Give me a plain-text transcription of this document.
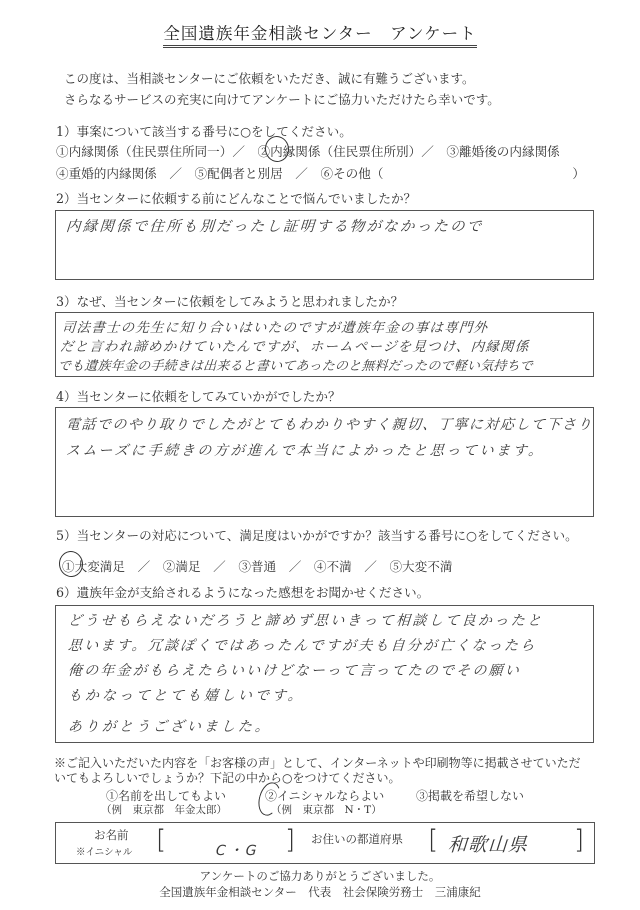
全国遺族年金相談センター　アンケート
この度は、当相談センターにご依頼をいただき、誠に有難うございます。
さらなるサービスの充実に向けてアンケートにご協力いただけたら幸いです。
1）事案について該当する番号に○をしてください。
①内縁関係（住民票住所同一）／　②内縁関係（住民票住所別）／　③離婚後の内縁関係
④重婚的内縁関係　／　⑤配偶者と別居　／　⑥その他（　　　　　　　　　　　　　　　）
2）当センターに依頼する前にどんなことで悩んでいましたか？
内縁関係で住所も別だったし証明する物がなかったので
3）なぜ、当センターに依頼をしてみようと思われましたか？
司法書士の先生に知り合いはいたのですが遺族年金の事は専門外
だと言われ諦めかけていたんですが、ホームページを見つけ、内縁関係
でも遺族年金の手続きは出来ると書いてあったのと無料だったので軽い気持ちで
4）当センターに依頼をしてみていかがでしたか？
電話でのやり取りでしたがとてもわかりやすく親切、丁寧に対応して下さり
スムーズに手続きの方が進んで本当によかったと思っています。
5）当センターの対応について、満足度はいかがですか？該当する番号に○をしてください。
①大変満足　／　②満足　／　③普通　／　④不満　／　⑤大変不満
6）遺族年金が支給されるようになった感想をお聞かせください。
どうせもらえないだろうと諦めず思いきって相談して良かったと
思います。冗談ぽくではあったんですが夫も自分が亡くなったら
俺の年金がもらえたらいいけどなーって言ってたのでその願い
もかなってとても嬉しいです。
ありがとうございました。
※ご記入いただいた内容を「お客様の声」として、インターネットや印刷物等に掲載させていただ
いてもよろしいでしょうか？下記の中から○をつけてください。
①名前を出してもよい
（例　東京都　年金太郎）
②イニシャルならよい
（例　東京都　N・T）
③掲載を希望しない
お名前
※イニシャル [	C・G ] お住いの都道府県 [ 和歌山県 ]
アンケートのご協力ありがとうございました。
全国遺族年金相談センター　代表　社会保険労務士　三浦康紀
